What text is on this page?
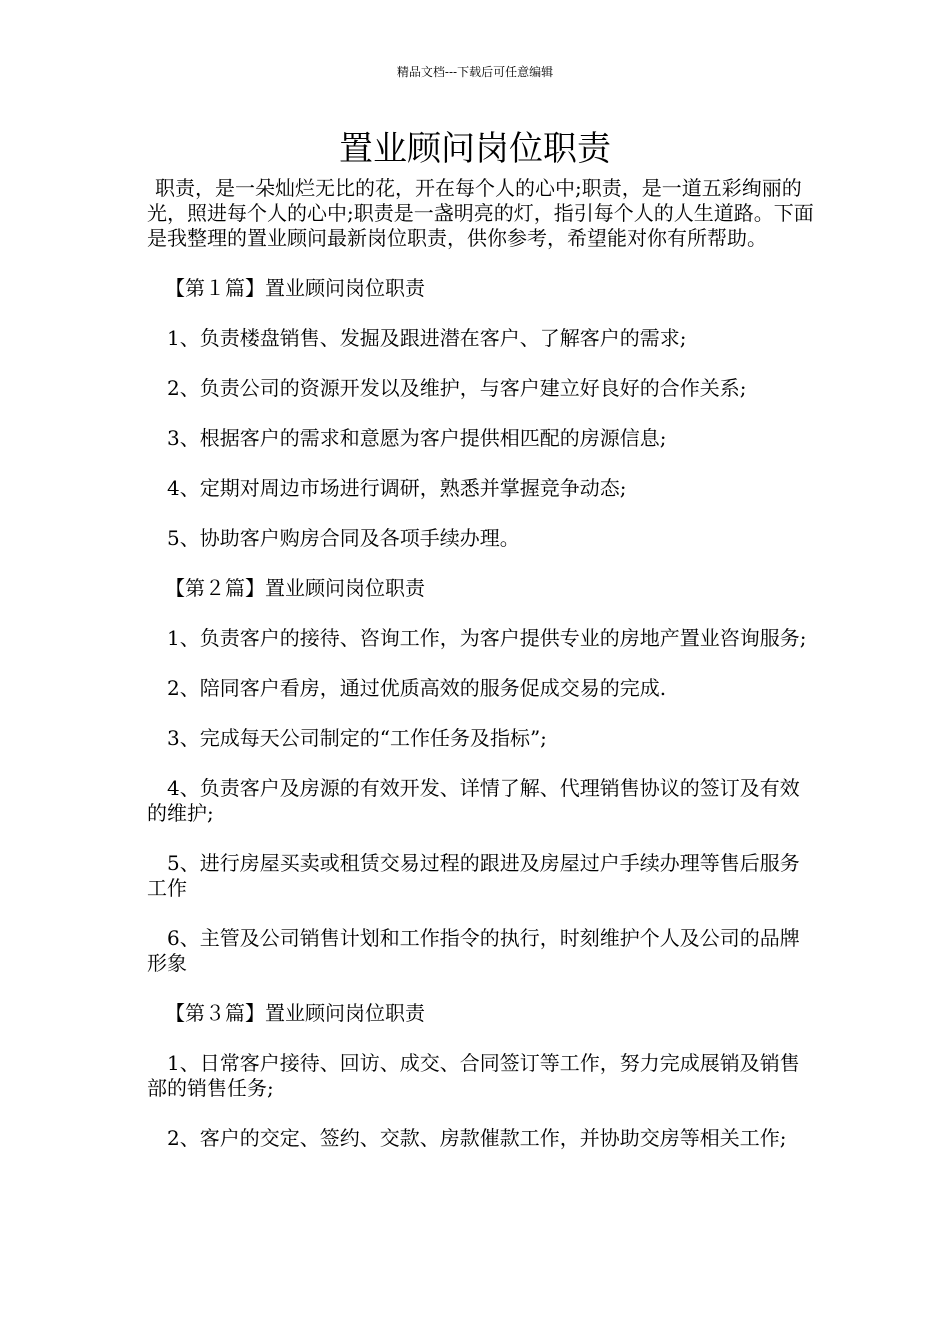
精品文档---下载后可任意编辑
置业顾问岗位职责

职责，是一朵灿烂无比的花，开在每个人的心中;职责，是一道五彩绚丽的光，照进每个人的心中;职责是一盏明亮的灯，指引每个人的人生道路。下面是我整理的置业顾问最新岗位职责，供你参考，希望能对你有所帮助。

【第１篇】置业顾问岗位职责

1、负责楼盘销售、发掘及跟进潜在客户、了解客户的需求;

2、负责公司的资源开发以及维护，与客户建立好良好的合作关系;

3、根据客户的需求和意愿为客户提供相匹配的房源信息;

4、定期对周边市场进行调研，熟悉并掌握竞争动态;

5、协助客户购房合同及各项手续办理。

【第２篇】置业顾问岗位职责

1、负责客户的接待、咨询工作，为客户提供专业的房地产置业咨询服务;

2、陪同客户看房，通过优质高效的服务促成交易的完成.

3、完成每天公司制定的“工作任务及指标”;

4、负责客户及房源的有效开发、详情了解、代理销售协议的签订及有效的维护;

5、进行房屋买卖或租赁交易过程的跟进及房屋过户手续办理等售后服务工作

6、主管及公司销售计划和工作指令的执行，时刻维护个人及公司的品牌形象

【第３篇】置业顾问岗位职责

1、日常客户接待、回访、成交、合同签订等工作，努力完成展销及销售部的销售任务;

2、客户的交定、签约、交款、房款催款工作，并协助交房等相关工作;
